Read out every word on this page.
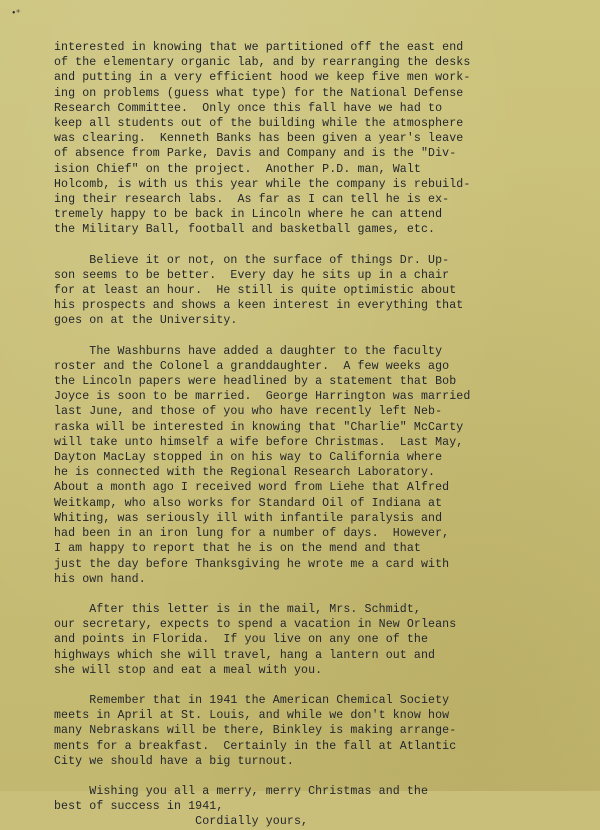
•⁺
interested in knowing that we partitioned off the east end
of the elementary organic lab, and by rearranging the desks
and putting in a very efficient hood we keep five men work-
ing on problems (guess what type) for the National Defense
Research Committee.  Only once this fall have we had to
keep all students out of the building while the atmosphere
was clearing.  Kenneth Banks has been given a year's leave
of absence from Parke, Davis and Company and is the "Div-
ision Chief" on the project.  Another P.D. man, Walt
Holcomb, is with us this year while the company is rebuild-
ing their research labs.  As far as I can tell he is ex-
tremely happy to be back in Lincoln where he can attend
the Military Ball, football and basketball games, etc.
Believe it or not, on the surface of things Dr. Up-
son seems to be better.  Every day he sits up in a chair
for at least an hour.  He still is quite optimistic about
his prospects and shows a keen interest in everything that
goes on at the University.
The Washburns have added a daughter to the faculty
roster and the Colonel a granddaughter.  A few weeks ago
the Lincoln papers were headlined by a statement that Bob
Joyce is soon to be married.  George Harrington was married
last June, and those of you who have recently left Neb-
raska will be interested in knowing that "Charlie" McCarty
will take unto himself a wife before Christmas.  Last May,
Dayton MacLay stopped in on his way to California where
he is connected with the Regional Research Laboratory.
About a month ago I received word from Liehe that Alfred
Weitkamp, who also works for Standard Oil of Indiana at
Whiting, was seriously ill with infantile paralysis and
had been in an iron lung for a number of days.  However,
I am happy to report that he is on the mend and that
just the day before Thanksgiving he wrote me a card with
his own hand.
After this letter is in the mail, Mrs. Schmidt,
our secretary, expects to spend a vacation in New Orleans
and points in Florida.  If you live on any one of the
highways which she will travel, hang a lantern out and
she will stop and eat a meal with you.
Remember that in 1941 the American Chemical Society
meets in April at St. Louis, and while we don't know how
many Nebraskans will be there, Binkley is making arrange-
ments for a breakfast.  Certainly in the fall at Atlantic
City we should have a big turnout.
Wishing you all a merry, merry Christmas and the
best of success in 1941,
Cordially yours,
